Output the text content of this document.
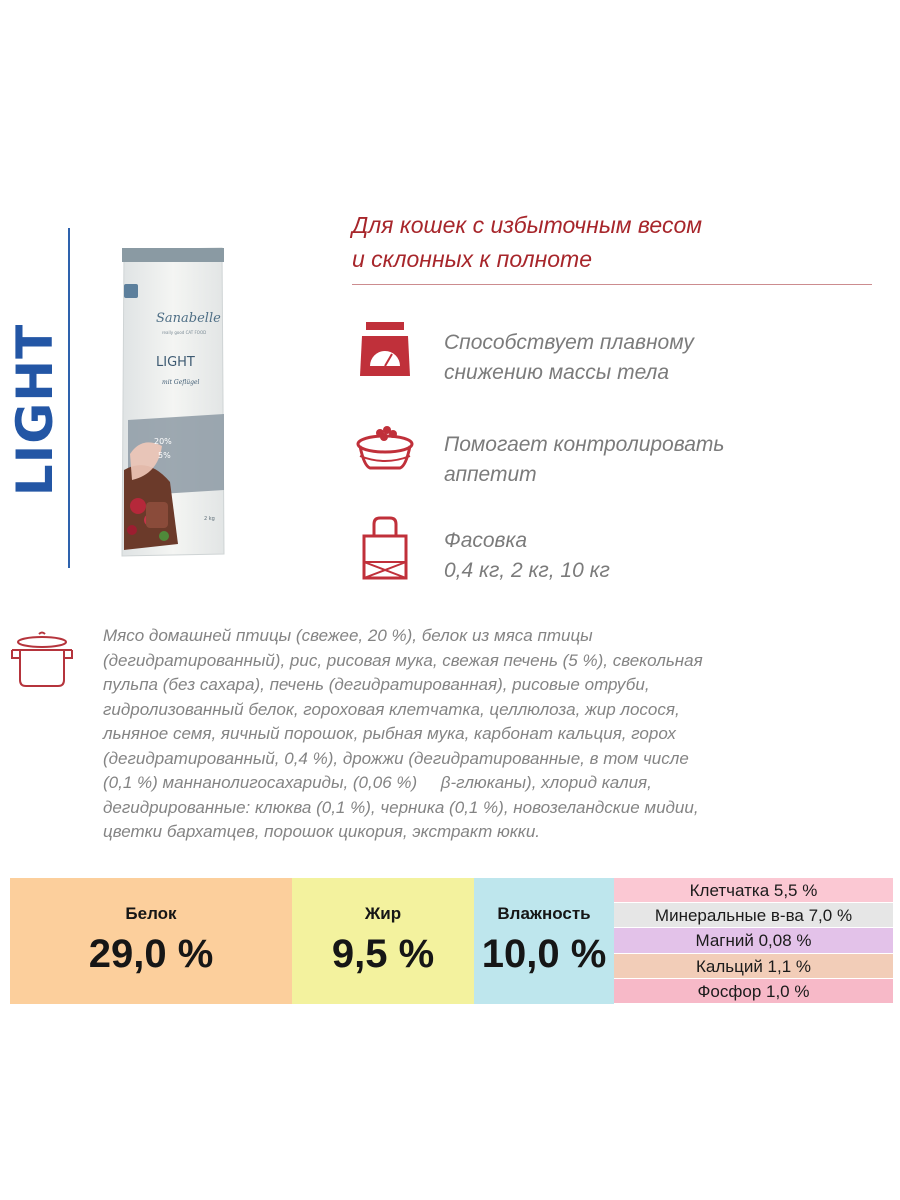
LIGHT
Sanabelle
really good CAT FOOD
LIGHT
mit Geflügel
20%
5%
2 kg
Для кошек с избыточным весом
и склонных к полноте
Способствует плавному
снижению массы тела
Помогает контролировать
аппетит
Фасовка
0,4 кг, 2 кг, 10 кг
Мясо домашней птицы (свежее, 20 %), белок из мяса птицы
(дегидратированный), рис, рисовая мука, свежая печень (5 %), свекольная
пульпа (без сахара), печень (дегидратированная), рисовые отруби,
гидролизованный белок, гороховая клетчатка, целлюлоза, жир лосося,
льняное семя, яичный порошок, рыбная мука, карбонат кальция, горох
(дегидратированный, 0,4 %), дрожжи (дегидратированные, в том числе
(0,1 %) маннанолигосахариды, (0,06 %)     β-глюканы), хлорид калия,
дегидрированные: клюква (0,1 %), черника (0,1 %), новозеландские мидии,
цветки бархатцев, порошок цикория, экстракт юкки.
Белок
29,0 %
Жир
9,5 %
Влажность
10,0 %
Клетчатка 5,5 %
Минеральные в-ва 7,0 %
Магний 0,08 %
Кальций 1,1 %
Фосфор 1,0 %
